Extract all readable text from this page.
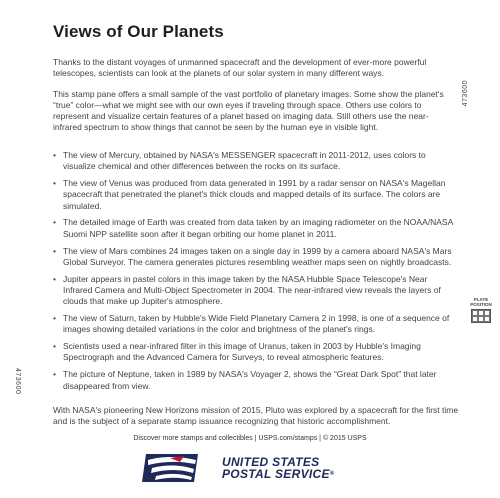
Views of Our Planets

Thanks to the distant voyages of unmanned spacecraft and the development of ever-more powerful telescopes, scientists can look at the planets of our solar system in many different ways.

This stamp pane offers a small sample of the vast portfolio of planetary images. Some show the planet's “true” color—what we might see with our own eyes if traveling through space. Others use colors to represent and visualize certain features of a planet based on imaging data. Still others use the near-infrared spectrum to show things that cannot be seen by the human eye in visible light.

• The view of Mercury, obtained by NASA's MESSENGER spacecraft in 2011-2012, uses colors to visualize chemical and other differences between the rocks on its surface.
• The view of Venus was produced from data generated in 1991 by a radar sensor on NASA's Magellan spacecraft that penetrated the planet's thick clouds and mapped details of its surface. The colors are simulated.
• The detailed image of Earth was created from data taken by an imaging radiometer on the NOAA/NASA Suomi NPP satellite soon after it began orbiting our home planet in 2011.
• The view of Mars combines 24 images taken on a single day in 1999 by a camera aboard NASA's Mars Global Surveyor. The camera generates pictures resembling weather maps seen on nightly broadcasts.
• Jupiter appears in pastel colors in this image taken by the NASA Hubble Space Telescope's Near Infrared Camera and Multi-Object Spectrometer in 2004. The near-infrared view reveals the layers of clouds that make up Jupiter's atmosphere.
• The view of Saturn, taken by Hubble's Wide Field Planetary Camera 2 in 1998, is one of a sequence of images showing detailed variations in the color and brightness of the planet's rings.
• Scientists used a near-infrared filter in this image of Uranus, taken in 2003 by Hubble's Imaging Spectrograph and the Advanced Camera for Surveys, to reveal atmospheric features.
• The picture of Neptune, taken in 1989 by NASA's Voyager 2, shows the “Great Dark Spot” that later disappeared from view.
With NASA's pioneering New Horizons mission of 2015, Pluto was explored by a spacecraft for the first time and is the subject of a separate stamp issuance recognizing that historic accomplishment.
473600
473600
PLATE
POSITION
Discover more stamps and collectibles | USPS.com/stamps | © 2015 USPS
UNITED STATES
POSTAL SERVICE®
